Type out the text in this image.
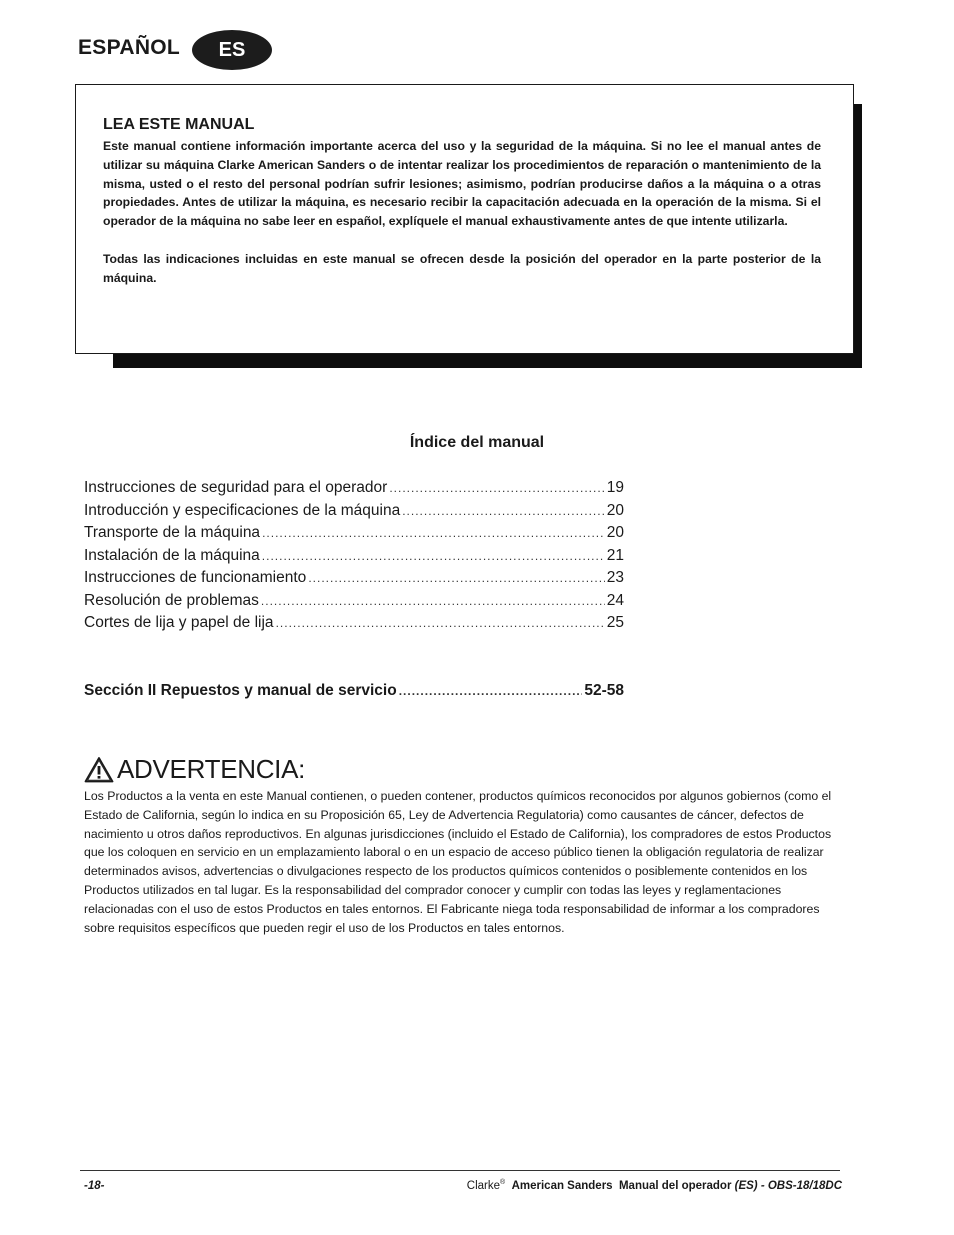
ESPAÑOL	ES
LEA ESTE MANUAL

Este manual contiene información importante acerca del uso y la seguridad de la máquina. Si no lee el manual antes de utilizar su máquina Clarke American Sanders o de intentar realizar los procedimientos de reparación o mantenimiento de la misma, usted o el resto del personal podrían sufrir lesiones; asimismo, podrían producirse daños a la máquina o a otras propiedades. Antes de utilizar la máquina, es necesario recibir la capacitación adecuada en la operación de la misma. Si el operador de la máquina no sabe leer en español, explíquele el manual exhaustivamente antes de que intente utilizarla.

Todas las indicaciones incluidas en este manual se ofrecen desde la posición del operador en la parte posterior de la máquina.

Índice del manual
Instrucciones de seguridad para el operador .....	19
Introducción y especificaciones de la máquina .....	20
Transporte de la máquina .....	20
Instalación de la máquina .....	21
Instrucciones de funcionamiento .....	23
Resolución de problemas .....	24
Cortes de lija y papel de lija .....	25
Sección II Repuestos y manual de servicio .....	52-58
ADVERTENCIA:

Los Productos a la venta en este Manual contienen, o pueden contener, productos químicos reconocidos por algunos gobiernos (como el Estado de California, según lo indica en su Proposición 65, Ley de Advertencia Regulatoria) como causantes de cáncer, defectos de nacimiento u otros daños reproductivos. En algunas jurisdicciones (incluido el Estado de California), los compradores de estos Productos que los coloquen en servicio en un emplazamiento laboral o en un espacio de acceso público tienen la obligación regulatoria de realizar determinados avisos, advertencias o divulgaciones respecto de los productos químicos contenidos o posiblemente contenidos en los Productos utilizados en tal lugar. Es la responsabilidad del comprador conocer y cumplir con todas las leyes y reglamentaciones relacionadas con el uso de estos Productos en tales entornos. El Fabricante niega toda responsabilidad de informar a los compradores sobre requisitos específicos que pueden regir el uso de los Productos en tales entornos.

-18-	Clarke® American Sanders Manual del operador (ES) - OBS-18/18DC
